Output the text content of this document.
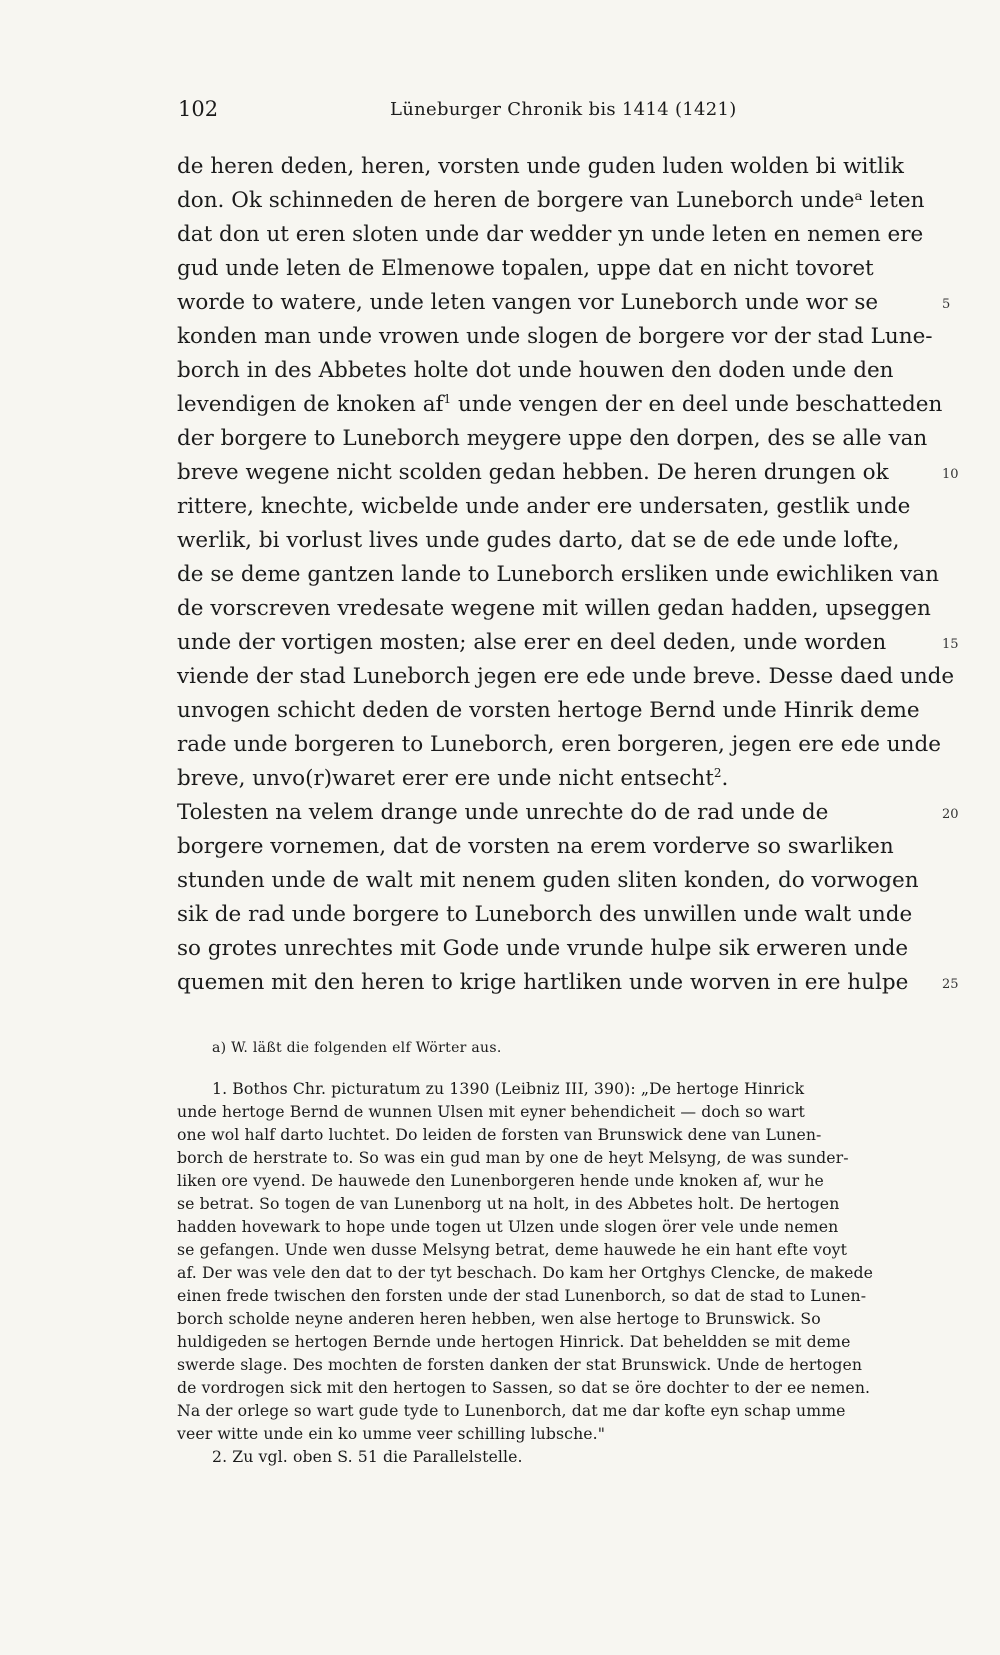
102	Lüneburger Chronik bis 1414 (1421)
de heren deden, heren, vorsten unde guden luden wolden bi witlik
don. Ok schinneden de heren de borgere van Luneborch undeᵃ leten
dat don ut eren sloten unde dar wedder yn unde leten en nemen ere
gud unde leten de Elmenowe topalen, uppe dat en nicht tovoret
worde to watere, unde leten vangen vor Luneborch unde wor se	5
konden man unde vrowen unde slogen de borgere vor der stad Lune-
borch in des Abbetes holte dot unde houwen den doden unde den
levendigen de knoken $af^1$ unde vengen der en deel unde beschatteden
der borgere to Luneborch meygere uppe den dorpen, des se alle van
breve wegene nicht scolden gedan hebben. De heren drungen ok	10
rittere, knechte, wicbelde unde ander ere undersaten, gestlik unde
werlik, bi vorlust lives unde gudes darto, dat se de ede unde lofte,
de se deme gantzen lande to Luneborch ersliken unde ewichliken van
de vorscreven vredesate wegene mit willen gedan hadden, upseggen
unde der vortigen mosten; alse erer en deel deden, unde worden	15
viende der stad Luneborch jegen ere ede unde breve. Desse daed unde
unvogen schicht deden de vorsten hertoge Bernd unde Hinrik deme
rade unde borgeren to Luneborch, eren borgeren, jegen ere ede unde
breve, unvo(r)waret erer ere unde nicht entsecht$^2$.
Tolesten na velem drange unde unrechte do de rad unde de	20
borgere vornemen, dat de vorsten na erem vorderve so swarliken
stunden unde de walt mit nenem guden sliten konden, do vorwogen
sik de rad unde borgere to Luneborch des unwillen unde walt unde
so grotes unrechtes mit Gode unde vrunde hulpe sik erweren unde
quemen mit den heren to krige hartliken unde worven in ere hulpe	25
a) W. läßt die folgenden elf Wörter aus.
1. Bothos Chr. picturatum zu 1390 (Leibniz III, 390): „De hertoge Hinrick
unde hertoge Bernd de wunnen Ulsen mit eyner behendicheit — doch so wart
one wol half darto luchtet. Do leiden de forsten van Brunswick dene van Lunen-
borch de herstrate to. So was ein gud man by one de heyt Melsyng, de was sunder-
liken ore vyend. De hauwede den Lunenborgeren hende unde knoken af, wur he
se betrat. So togen de van Lunenborg ut na holt, in des Abbetes holt. De hertogen
hadden hovewark to hope unde togen ut Ulzen unde slogen örer vele unde nemen
se gefangen. Unde wen dusse Melsyng betrat, deme hauwede he ein hant efte voyt
af. Der was vele den dat to der tyt beschach. Do kam her Ortghys Clencke, de makede
einen frede twischen den forsten unde der stad Lunenborch, so dat de stad to Lunen-
borch scholde neyne anderen heren hebben, wen alse hertoge to Brunswick. So
huldigeden se hertogen Bernde unde hertogen Hinrick. Dat beheldden se mit deme
swerde slage. Des mochten de forsten danken der stat Brunswick. Unde de hertogen
de vordrogen sick mit den hertogen to Sassen, so dat se öre dochter to der ee nemen.
Na der orlege so wart gude tyde to Lunenborch, dat me dar kofte eyn schap umme
veer witte unde ein ko umme veer schilling lubsche."
2. Zu vgl. oben S. 51 die Parallelstelle.
